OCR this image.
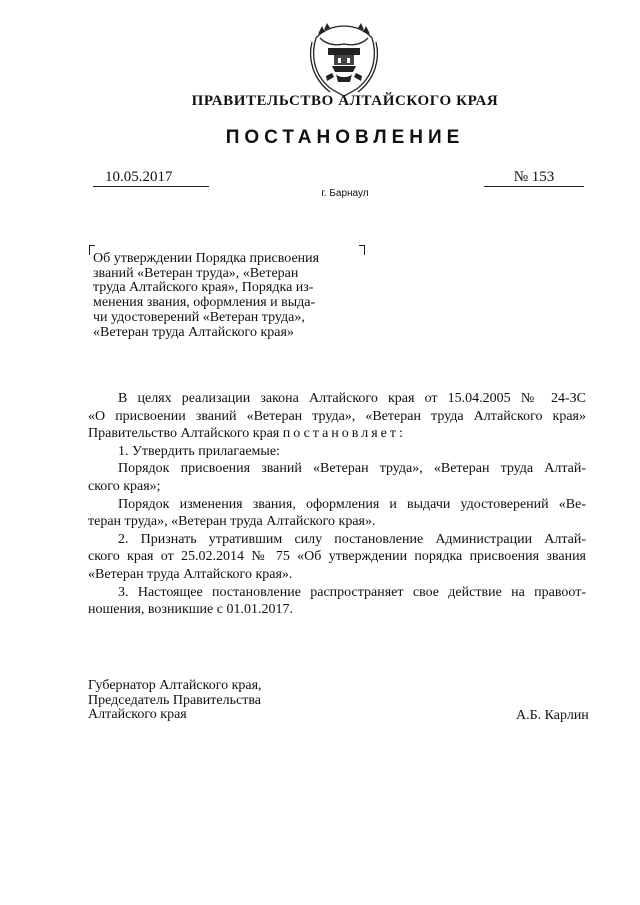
ПРАВИТЕЛЬСТВО АЛТАЙСКОГО КРАЯ
ПОСТАНОВЛЕНИЕ
10.05.2017	№ 153
г. Барнаул
Об утверждении Порядка присвоения
званий «Ветеран труда», «Ветеран
труда Алтайского края», Порядка из-
менения звания, оформления и выда-
чи удостоверений «Ветеран труда»,
«Ветеран труда Алтайского края»

В целях реализации закона Алтайского края от 15.04.2005 № 24-ЗС

«О присвоении званий «Ветеран труда», «Ветеран труда Алтайского края»

Правительство Алтайского края постановляет:

1. Утвердить прилагаемые:

Порядок присвоения званий «Ветеран труда», «Ветеран труда Алтай-

ского края»;

Порядок изменения звания, оформления и выдачи удостоверений «Ве-

теран труда», «Ветеран труда Алтайского края».

2. Признать утратившим силу постановление Администрации Алтай-

ского края от 25.02.2014 № 75 «Об утверждении порядка присвоения звания

«Ветеран труда Алтайского края».

3. Настоящее постановление распространяет свое действие на правоот-

ношения, возникшие с 01.01.2017.

Губернатор Алтайского края,
Председатель Правительства
Алтайского края	А.Б. Карлин
